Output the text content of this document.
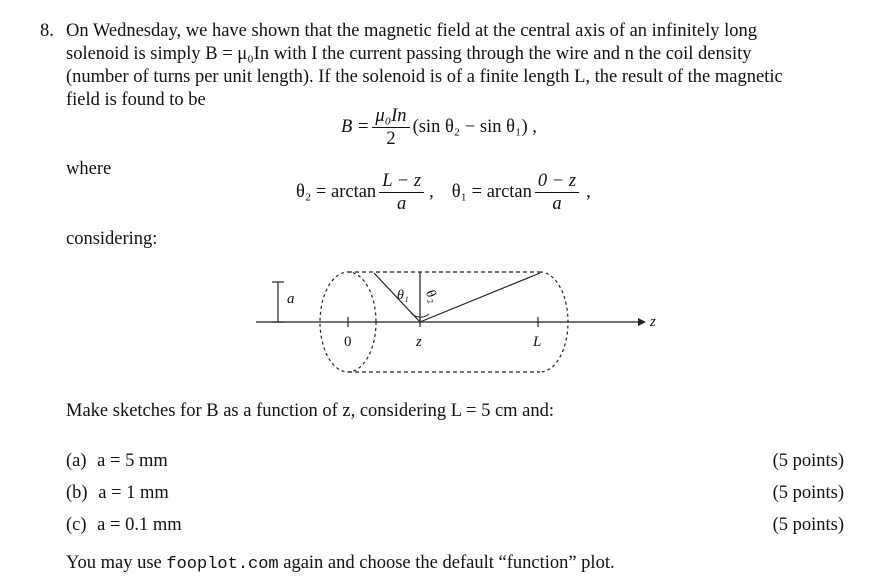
8. On Wednesday, we have shown that the magnetic field at the central axis of an infinitely long
solenoid is simply B = μ₀In with I the current passing through the wire and n the coil density
(number of turns per unit length). If the solenoid is of a finite length L, the result of the magnetic
field is found to be
$B = \frac{\text{μ₀In}}{2} (\sin$ θ₂ − sin θ₁) ,
where
$\theta_2 = \arctan \frac{L - z}{a}$ , $\theta_1 = \arctan \frac{0 - z}{a}$ ,
considering:
a
z
θ₁ θ₂
0	z	L
Make sketches for B as a function of z, considering L = 5 cm and:
(a) a = 5 mm	(5 points)
(b) a = 1 mm	(5 points)
(c) a = 0.1 mm	(5 points)
You may use fooplot.com again and choose the default “function” plot.
